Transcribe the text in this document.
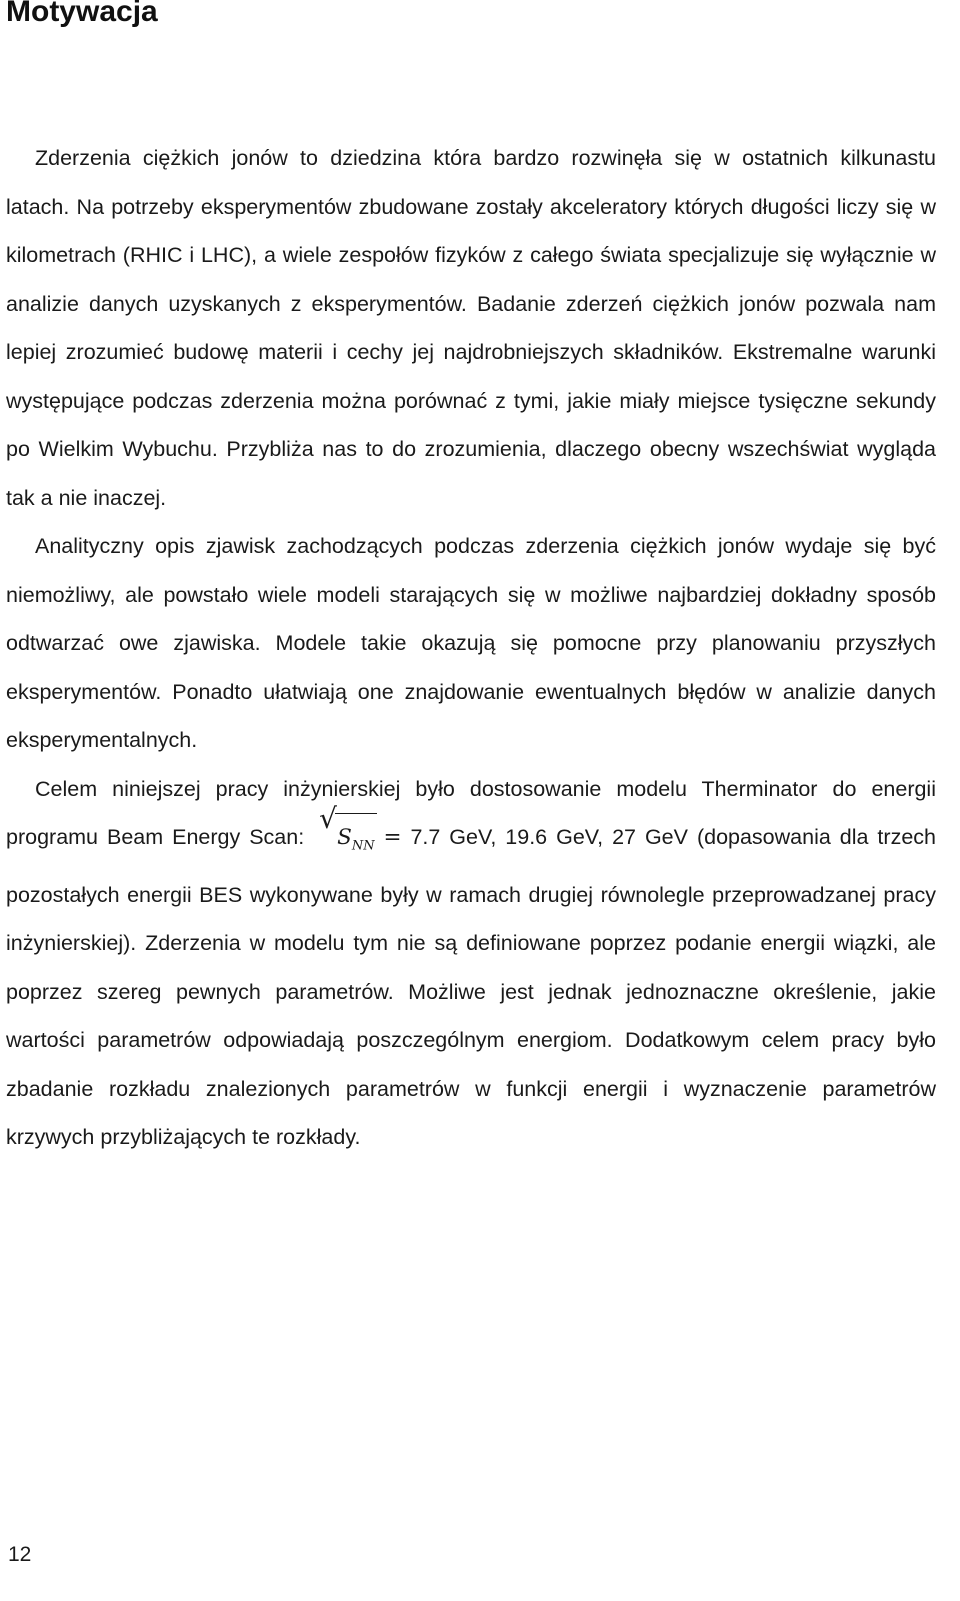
Motywacja

Zderzenia ciężkich jonów to dziedzina która bardzo rozwinęła się w ostatnich kilkunastu latach. Na potrzeby eksperymentów zbudowane zostały akceleratory których długości liczy się w kilometrach (RHIC i LHC), a wiele zespołów fizyków z całego świata specjalizuje się wyłącznie w analizie danych uzyskanych z eksperymentów. Badanie zderzeń ciężkich jonów pozwala nam lepiej zrozumieć budowę materii i cechy jej najdrobniejszych składników. Ekstremalne warunki występujące podczas zderzenia można porównać z tymi, jakie miały miejsce tysięczne sekundy po Wielkim Wybuchu. Przybliża nas to do zrozumienia, dlaczego obecny wszechświat wygląda tak a nie inaczej.

Analityczny opis zjawisk zachodzących podczas zderzenia ciężkich jonów wydaje się być niemożliwy, ale powstało wiele modeli starających się w możliwe najbardziej dokładny sposób odtwarzać owe zjawiska. Modele takie okazują się pomocne przy planowaniu przyszłych eksperymentów. Ponadto ułatwiają one znajdowanie ewentualnych błędów w analizie danych eksperymentalnych.

Celem niniejszej pracy inżynierskiej było dostosowanie modelu Therminator do energii programu Beam Energy Scan:
√
$S_{NN} = 7.7$ GeV, 19.6 GeV, 27 GeV (dopasowania dla trzech pozostałych energii BES wykonywane były w ramach drugiej równolegle przeprowadzanej pracy inżynierskiej). Zderzenia w modelu tym nie są definiowane poprzez podanie energii wiązki, ale poprzez szereg pewnych parametrów. Możliwe jest jednak jednoznaczne określenie, jakie wartości parametrów odpowiadają poszczególnym energiom. Dodatkowym celem pracy było zbadanie rozkładu znalezionych parametrów w funkcji energii i wyznaczenie parametrów krzywych przybliżających te rozkłady.

12
